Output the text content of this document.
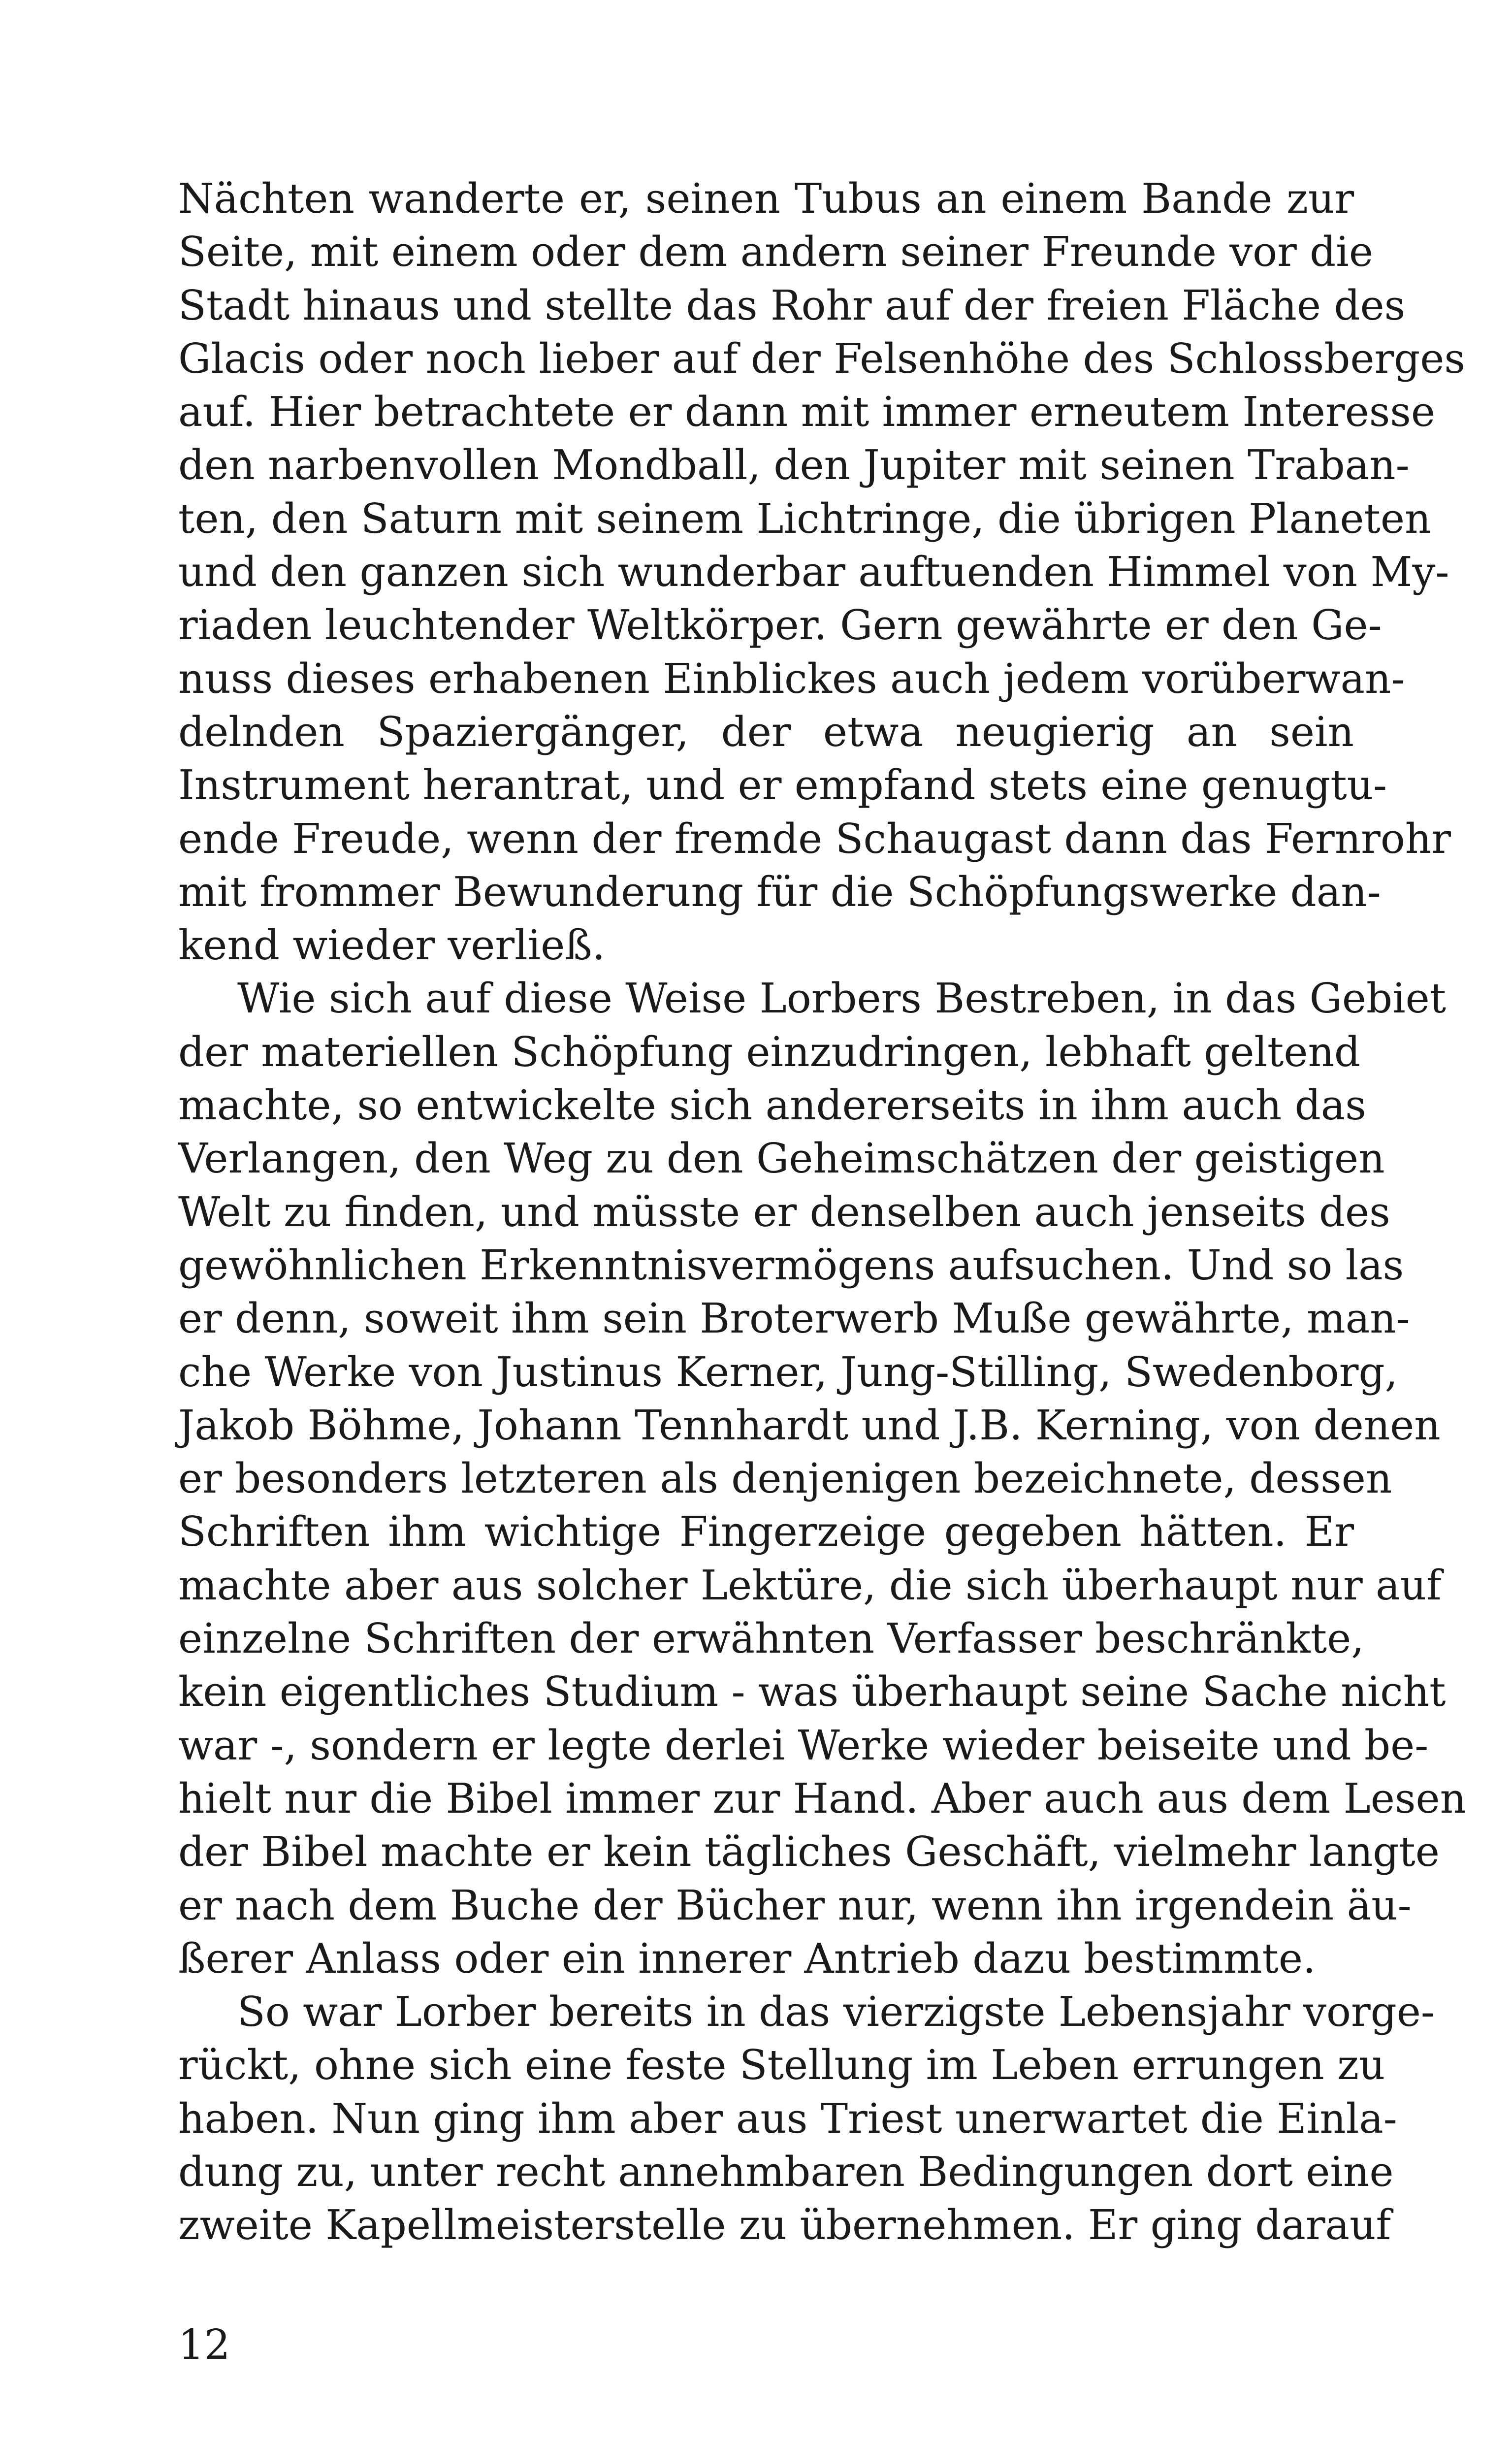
Nächten wanderte er, seinen Tubus an einem Bande zur
Seite, mit einem oder dem andern seiner Freunde vor die
Stadt hinaus und stellte das Rohr auf der freien Fläche des
Glacis oder noch lieber auf der Felsenhöhe des Schlossberges
auf. Hier betrachtete er dann mit immer erneutem Interesse
den narbenvollen Mondball, den Jupiter mit seinen Traban-
ten, den Saturn mit seinem Lichtringe, die übrigen Planeten
und den ganzen sich wunderbar auftuenden Himmel von My-
riaden leuchtender Weltkörper. Gern gewährte er den Ge-
nuss dieses erhabenen Einblickes auch jedem vorüberwan-
delnden Spaziergänger, der etwa neugierig an sein
Instrument herantrat, und er empfand stets eine genugtu-
ende Freude, wenn der fremde Schaugast dann das Fernrohr
mit frommer Bewunderung für die Schöpfungswerke dan-
kend wieder verließ.
Wie sich auf diese Weise Lorbers Bestreben, in das Gebiet
der materiellen Schöpfung einzudringen, lebhaft geltend
machte, so entwickelte sich andererseits in ihm auch das
Verlangen, den Weg zu den Geheimschätzen der geistigen
Welt zu finden, und müsste er denselben auch jenseits des
gewöhnlichen Erkenntnisvermögens aufsuchen. Und so las
er denn, soweit ihm sein Broterwerb Muße gewährte, man-
che Werke von Justinus Kerner, Jung-Stilling, Swedenborg,
Jakob Böhme, Johann Tennhardt und J.B. Kerning, von denen
er besonders letzteren als denjenigen bezeichnete, dessen
Schriften ihm wichtige Fingerzeige gegeben hätten. Er
machte aber aus solcher Lektüre, die sich überhaupt nur auf
einzelne Schriften der erwähnten Verfasser beschränkte,
kein eigentliches Studium - was überhaupt seine Sache nicht
war -, sondern er legte derlei Werke wieder beiseite und be-
hielt nur die Bibel immer zur Hand. Aber auch aus dem Lesen
der Bibel machte er kein tägliches Geschäft, vielmehr langte
er nach dem Buche der Bücher nur, wenn ihn irgendein äu-
ßerer Anlass oder ein innerer Antrieb dazu bestimmte.
So war Lorber bereits in das vierzigste Lebensjahr vorge-
rückt, ohne sich eine feste Stellung im Leben errungen zu
haben. Nun ging ihm aber aus Triest unerwartet die Einla-
dung zu, unter recht annehmbaren Bedingungen dort eine
zweite Kapellmeisterstelle zu übernehmen. Er ging darauf
12
